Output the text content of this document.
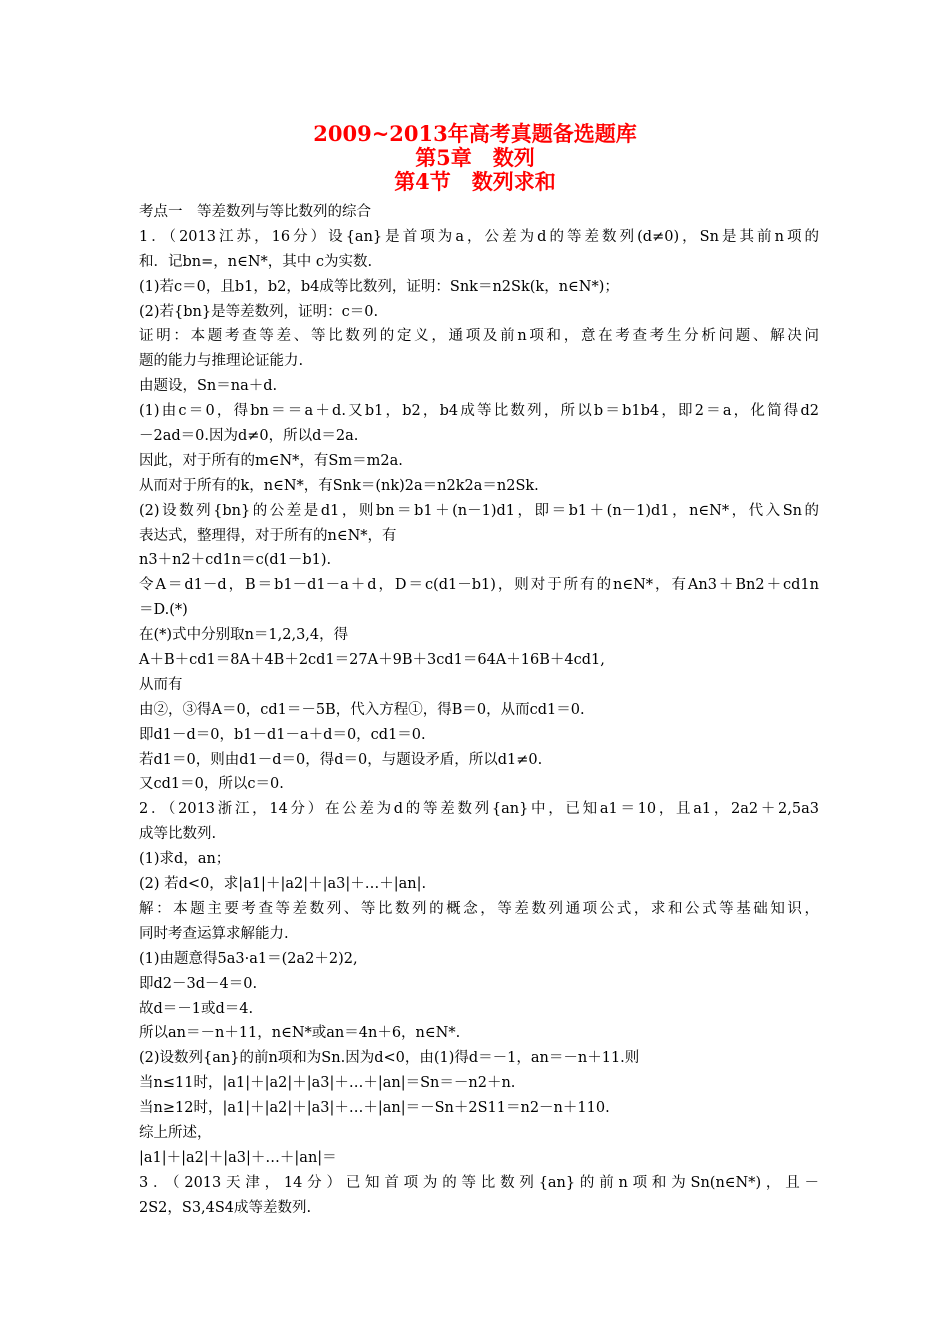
2009~2013年高考真题备选题库
第5章　数列
第4节　数列求和
考点一　等差数列与等比数列的综合
1．（2013江苏，16分）设{an}是首项为a，公差为d的等差数列(d≠0)，Sn是其前n项的
和．记bn=，n∈N*，其中 c为实数.
(1)若c＝0，且b1，b2，b4成等比数列，证明：Snk＝n2Sk(k，n∈N*)；
(2)若{bn}是等差数列，证明：c＝0.
证明：本题考查等差、等比数列的定义，通项及前n项和，意在考查考生分析问题、解决问
题的能力与推理论证能力.
由题设，Sn＝na＋d.
(1)由c＝0，得bn＝＝a＋d.又b1，b2，b4成等比数列，所以b＝b1b4，即2＝a，化简得d2
－2ad＝0.因为d≠0，所以d＝2a.
因此，对于所有的m∈N*，有Sm＝m2a.
从而对于所有的k，n∈N*，有Snk＝(nk)2a＝n2k2a＝n2Sk.
(2)设数列{bn}的公差是d1，则bn＝b1＋(n－1)d1，即＝b1＋(n－1)d1，n∈N*，代入Sn的
表达式，整理得，对于所有的n∈N*，有
n3＋n2＋cd1n＝c(d1－b1).
令A＝d1－d，B＝b1－d1－a＋d，D＝c(d1－b1)，则对于所有的n∈N*，有An3＋Bn2＋cd1n
＝D.(*)
在(*)式中分别取n＝1,2,3,4，得
A＋B＋cd1＝8A＋4B＋2cd1＝27A＋9B＋3cd1＝64A＋16B＋4cd1,
从而有
由②，③得A＝0，cd1＝－5B，代入方程①，得B＝0，从而cd1＝0.
即d1－d＝0，b1－d1－a＋d＝0，cd1＝0.
若d1＝0，则由d1－d＝0，得d＝0，与题设矛盾，所以d1≠0.
又cd1＝0，所以c＝0.
2．（2013浙江，14分）在公差为d的等差数列{an}中，已知a1＝10，且a1，2a2＋2,5a3
成等比数列.
(1)求d，an；
(2) 若d<0，求|a1|＋|a2|＋|a3|＋…＋|an|.
解：本题主要考查等差数列、等比数列的概念，等差数列通项公式，求和公式等基础知识，
同时考查运算求解能力.
(1)由题意得5a3·a1＝(2a2＋2)2,
即d2－3d－4＝0.
故d＝－1或d＝4.
所以an＝－n＋11，n∈N*或an＝4n＋6，n∈N*.
(2)设数列{an}的前n项和为Sn.因为d<0，由(1)得d＝－1，an＝－n＋11.则
当n≤11时，|a1|＋|a2|＋|a3|＋…＋|an|＝Sn＝－n2＋n.
当n≥12时，|a1|＋|a2|＋|a3|＋…＋|an|＝－Sn＋2S11＝n2－n＋110.
综上所述，
|a1|＋|a2|＋|a3|＋…＋|an|＝
3．（2013天津，14分）已知首项为的等比数列{an}的前n项和为Sn(n∈N*)，且－
2S2，S3,4S4成等差数列.
